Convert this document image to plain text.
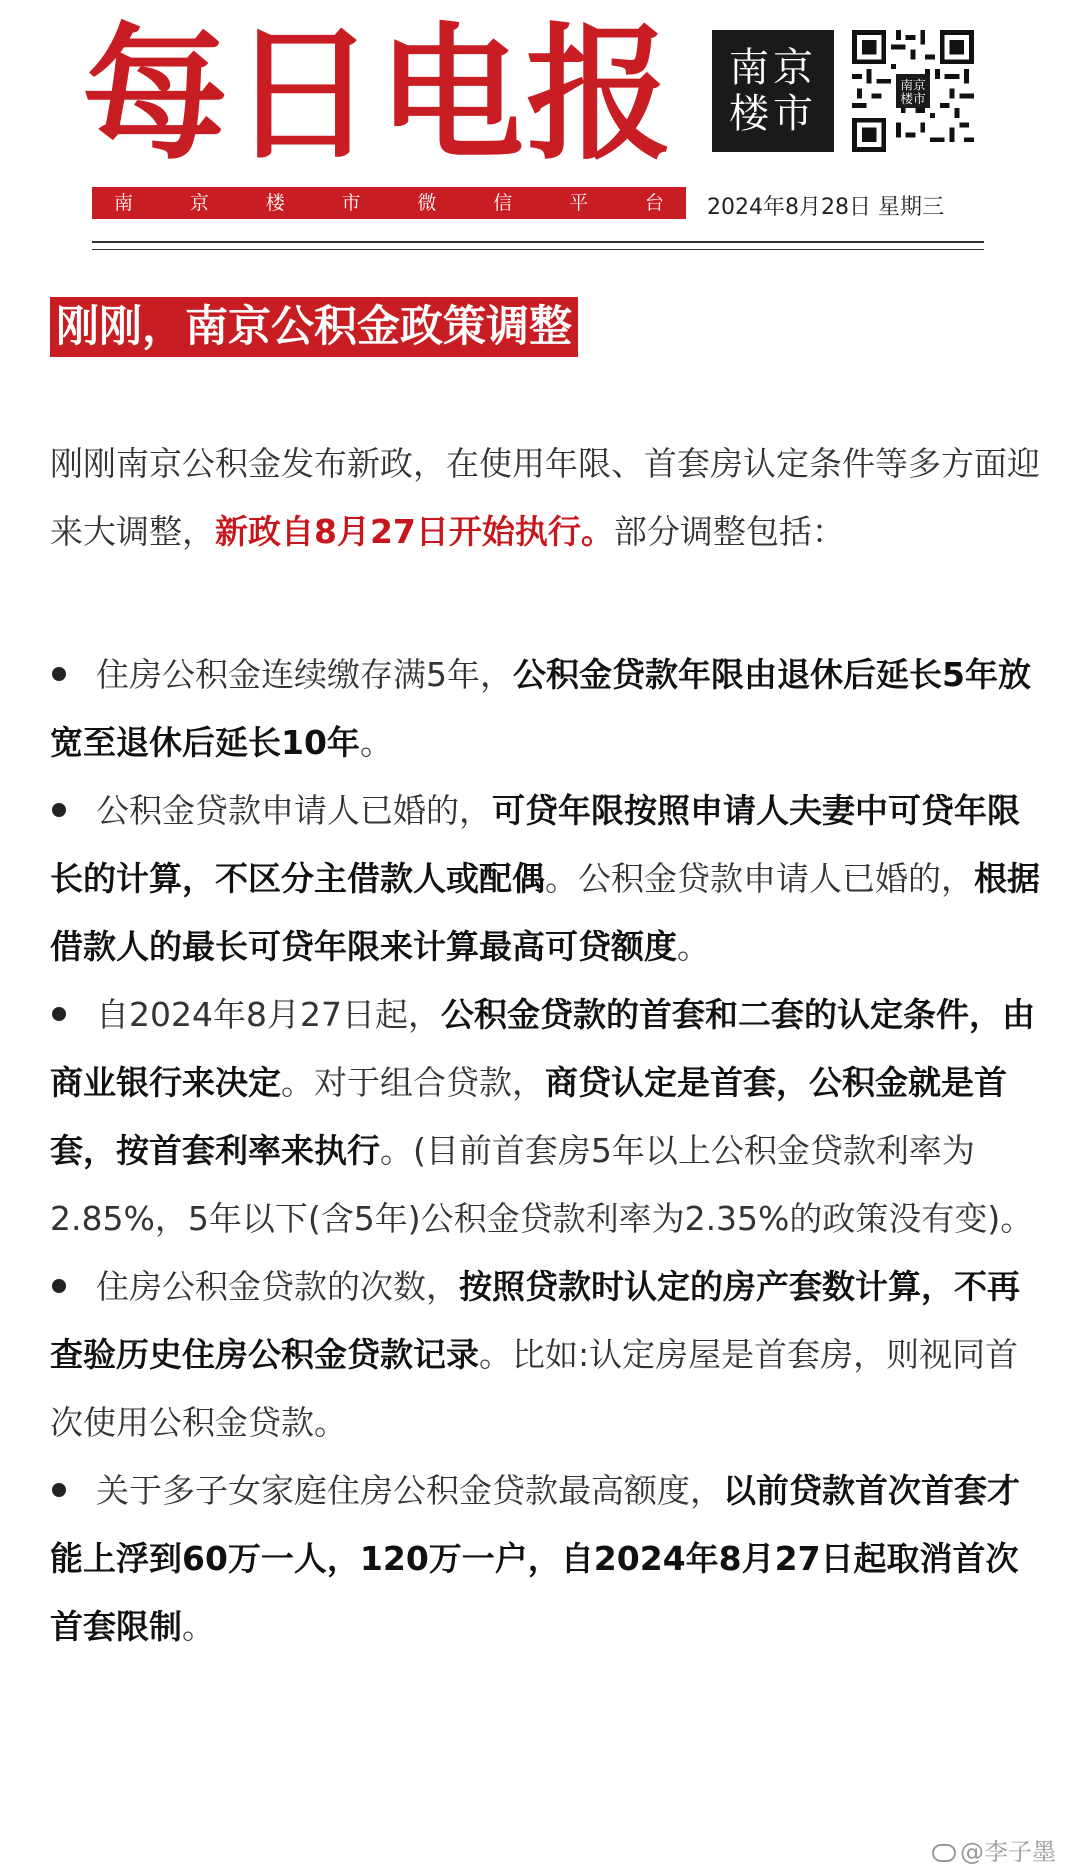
每日电报
南	京	楼	市	微	信	平	台
南京
楼市
南京
楼市
2024年8月28日 星期三
刚刚，南京公积金政策调整

刚刚南京公积金发布新政，在使用年限、首套房认定条件等多方面迎来大调整，新政自8月27日开始执行。部分调整包括：

住房公积金连续缴存满5年，公积金贷款年限由退休后延长5年放宽至退休后延长10年。
公积金贷款申请人已婚的，可贷年限按照申请人夫妻中可贷年限长的计算，不区分主借款人或配偶。公积金贷款申请人已婚的，根据借款人的最长可贷年限来计算最高可贷额度。
自2024年8月27日起，公积金贷款的首套和二套的认定条件，由商业银行来决定。对于组合贷款，商贷认定是首套，公积金就是首套，按首套利率来执行。(目前首套房5年以上公积金贷款利率为2.85%，5年以下(含5年)公积金贷款利率为2.35%的政策没有变)。
住房公积金贷款的次数，按照贷款时认定的房产套数计算，不再查验历史住房公积金贷款记录。比如:认定房屋是首套房，则视同首次使用公积金贷款。
关于多子女家庭住房公积金贷款最高额度，以前贷款首次首套才能上浮到60万一人，120万一户，自2024年8月27日起取消首次首套限制。
@李子墨
